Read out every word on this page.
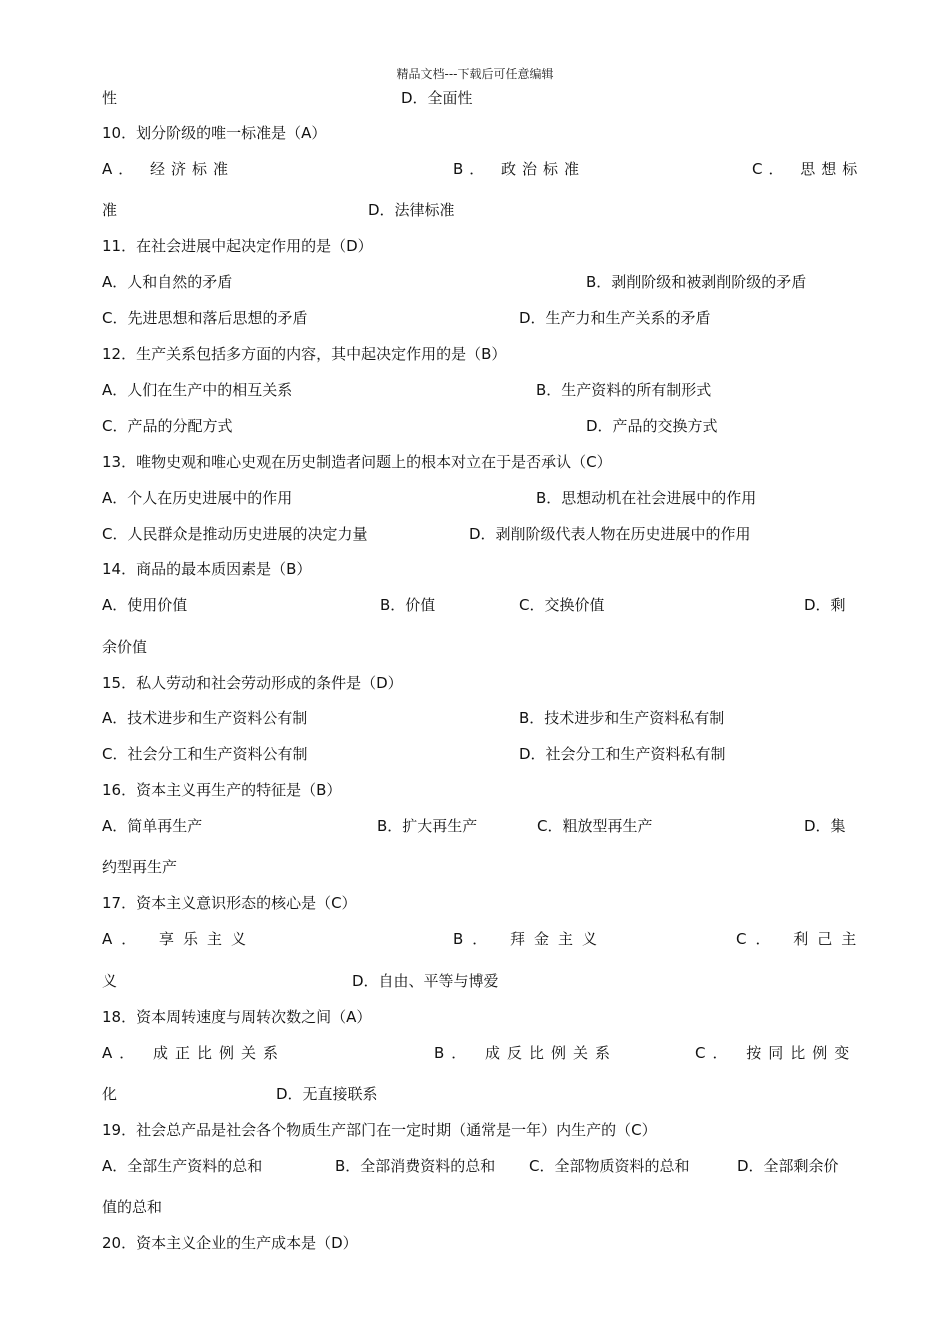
精品文档---下载后可任意编辑
性	D．全面性
10．划分阶级的唯一标准是（A）
A． 经济标准	B． 政治标准	C． 思想标
准	D．法律标准
11．在社会进展中起决定作用的是（D）
A．人和自然的矛盾	B．剥削阶级和被剥削阶级的矛盾
C．先进思想和落后思想的矛盾	D．生产力和生产关系的矛盾
12．生产关系包括多方面的内容，其中起决定作用的是（B）
A．人们在生产中的相互关系	B．生产资料的所有制形式
C．产品的分配方式	D．产品的交换方式
13．唯物史观和唯心史观在历史制造者问题上的根本对立在于是否承认（C）
A．个人在历史进展中的作用	B．思想动机在社会进展中的作用
C．人民群众是推动历史进展的决定力量	D．剥削阶级代表人物在历史进展中的作用
14．商品的最本质因素是（B）
A．使用价值	B．价值	C．交换价值	D．剩
余价值
15．私人劳动和社会劳动形成的条件是（D）
A．技术进步和生产资料公有制	B．技术进步和生产资料私有制
C．社会分工和生产资料公有制	D．社会分工和生产资料私有制
16．资本主义再生产的特征是（B）
A．简单再生产	B．扩大再生产	C．粗放型再生产	D．集
约型再生产
17．资本主义意识形态的核心是（C）
A． 享乐主义	B． 拜金主义	C． 利己主
义	D．自由、平等与博爱
18．资本周转速度与周转次数之间（A）
A． 成正比例关系	B． 成反比例关系	C． 按同比例变
化	D．无直接联系
19．社会总产品是社会各个物质生产部门在一定时期（通常是一年）内生产的（C）
A．全部生产资料的总和	B．全部消费资料的总和 C．全部物质资料的总和	D．全部剩余价
值的总和
20．资本主义企业的生产成本是（D）
